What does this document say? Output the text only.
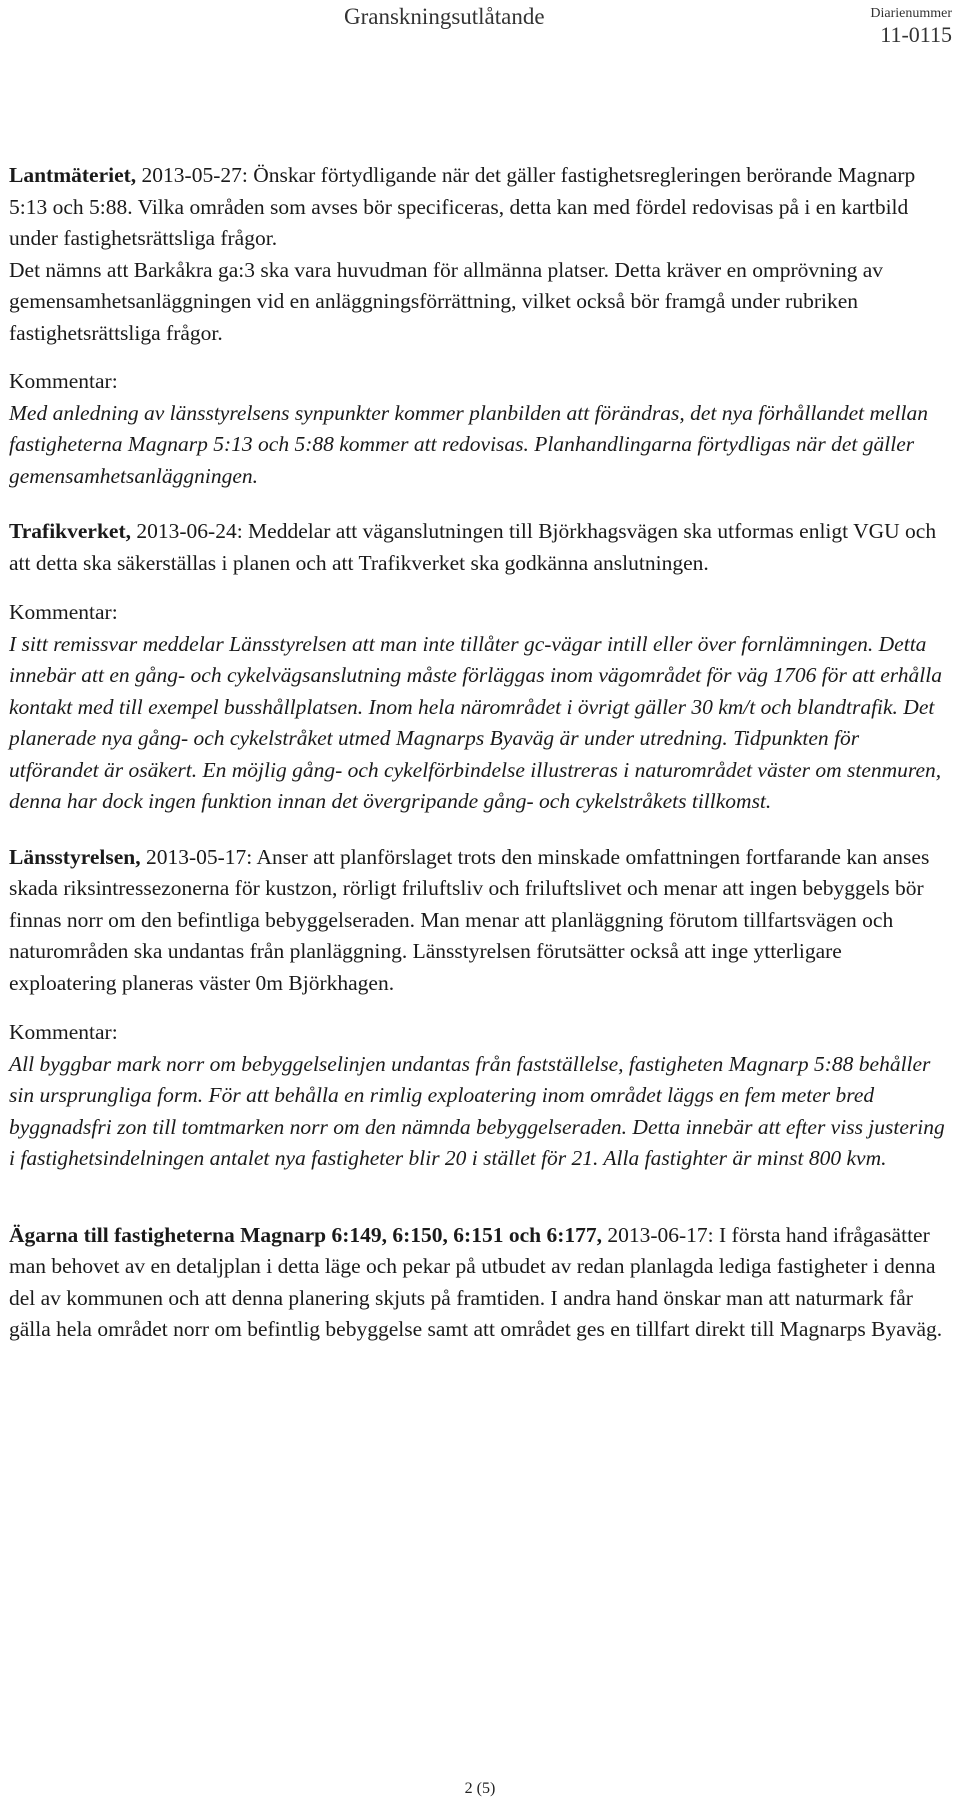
Granskningsutlåtande	Diarienummer
11-0115

Lantmäteriet, 2013-05-27: Önskar förtydligande när det gäller fastighetsregleringen berörande Magnarp 5:13 och 5:88. Vilka områden som avses bör specificeras, detta kan med fördel redovisas på i en kartbild under fastighetsrättsliga frågor.

Det nämns att Barkåkra ga:3 ska vara huvudman för allmänna platser. Detta kräver en omprövning av gemensamhetsanläggningen vid en anläggningsförrättning, vilket också bör framgå under rubriken fastighetsrättsliga frågor.

Kommentar:

Med anledning av länsstyrelsens synpunkter kommer planbilden att förändras, det nya förhållandet mellan fastigheterna Magnarp 5:13 och 5:88 kommer att redovisas. Planhandlingarna förtydligas när det gäller gemensamhetsanläggningen.

Trafikverket, 2013-06-24: Meddelar att väganslutningen till Björkhagsvägen ska utformas enligt VGU och att detta ska säkerställas i planen och att Trafikverket ska godkänna anslutningen.

Kommentar:

I sitt remissvar meddelar Länsstyrelsen att man inte tillåter gc-vägar intill eller över fornlämningen. Detta innebär att en gång- och cykelvägsanslutning måste förläggas inom vägområdet för väg 1706 för att erhålla kontakt med till exempel busshållplatsen. Inom hela närområdet i övrigt gäller 30 km/t och blandtrafik. Det planerade nya gång- och cykelstråket utmed Magnarps Byaväg är under utredning. Tidpunkten för utförandet är osäkert. En möjlig gång- och cykelförbindelse illustreras i naturområdet väster om stenmuren, denna har dock ingen funktion innan det övergripande gång- och cykelstråkets tillkomst.

Länsstyrelsen, 2013-05-17: Anser att planförslaget trots den minskade omfattningen fortfarande kan anses skada riksintressezonerna för kustzon, rörligt friluftsliv och friluftslivet och menar att ingen bebyggels bör finnas norr om den befintliga bebyggelseraden. Man menar att planläggning förutom tillfartsvägen och naturområden ska undantas från planläggning. Länsstyrelsen förutsätter också att inge ytterligare exploatering planeras väster 0m Björkhagen.

Kommentar:

All byggbar mark norr om bebyggelselinjen undantas från fastställelse, fastigheten Magnarp 5:88 behåller sin ursprungliga form. För att behålla en rimlig exploatering inom området läggs en fem meter bred byggnadsfri zon till tomtmarken norr om den nämnda bebyggelseraden. Detta innebär att efter viss justering i fastighetsindelningen antalet nya fastigheter blir 20 i stället för 21. Alla fastighter är minst 800 kvm.

Ägarna till fastigheterna Magnarp 6:149, 6:150, 6:151 och 6:177, 2013-06-17: I första hand ifrågasätter man behovet av en detaljplan i detta läge och pekar på utbudet av redan planlagda lediga fastigheter i denna del av kommunen och att denna planering skjuts på framtiden. I andra hand önskar man att naturmark får gälla hela området norr om befintlig bebyggelse samt att området ges en tillfart direkt till Magnarps Byaväg.

2 (5)
